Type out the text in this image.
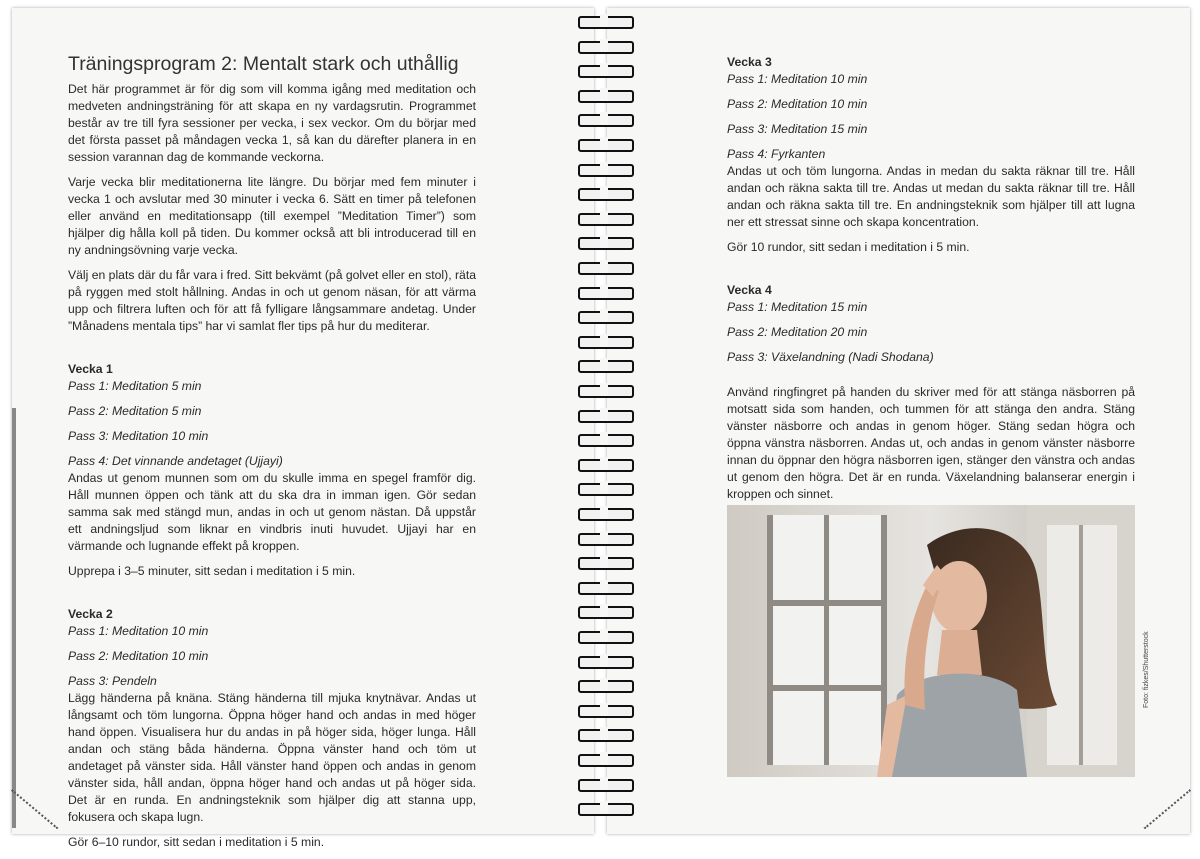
Träningsprogram 2: Mentalt stark och uthållig

Det här programmet är för dig som vill komma igång med meditation och medveten andningsträning för att skapa en ny vardagsrutin. Programmet består av tre till fyra sessioner per vecka, i sex veckor. Om du börjar med det första passet på måndagen vecka 1, så kan du därefter planera in en session varannan dag de kommande veckorna.

Varje vecka blir meditationerna lite längre. Du börjar med fem minuter i vecka 1 och avslutar med 30 minuter i vecka 6. Sätt en timer på telefonen eller använd en meditationsapp (till exempel ”Meditation Timer”) som hjälper dig hålla koll på tiden. Du kommer också att bli introducerad till en ny andningsövning varje vecka.

Välj en plats där du får vara i fred. Sitt bekvämt (på golvet eller en stol), räta på ryggen med stolt hållning. Andas in och ut genom näsan, för att värma upp och filtrera luften och för att få fylligare långsammare andetag. Under ”Månadens mentala tips” har vi samlat fler tips på hur du mediterar.

Vecka 1
Pass 1: Meditation 5 min
Pass 2: Meditation 5 min
Pass 3: Meditation 10 min
Pass 4: Det vinnande andetaget (Ujjayi)

Andas ut genom munnen som om du skulle imma en spegel framför dig. Håll munnen öppen och tänk att du ska dra in imman igen. Gör sedan samma sak med stängd mun, andas in och ut genom nästan. Då uppstår ett andningsljud som liknar en vindbris inuti huvudet. Ujjayi har en värmande och lugnande effekt på kroppen.

Upprepa i 3–5 minuter, sitt sedan i meditation i 5 min.

Vecka 2
Pass 1: Meditation 10 min
Pass 2: Meditation 10 min
Pass 3: Pendeln

Lägg händerna på knäna. Stäng händerna till mjuka knytnävar. Andas ut långsamt och töm lungorna. Öppna höger hand och andas in med höger hand öppen. Visualisera hur du andas in på höger sida, höger lunga. Håll andan och stäng båda händerna. Öppna vänster hand och töm ut andetaget på vänster sida. Håll vänster hand öppen och andas in genom vänster sida, håll andan, öppna höger hand och andas ut på höger sida. Det är en runda. En andningsteknik som hjälper dig att stanna upp, fokusera och skapa lugn.

Gör 6–10 rundor, sitt sedan i meditation i 5 min.

Vecka 3
Pass 1: Meditation 10 min
Pass 2: Meditation 10 min
Pass 3: Meditation 15 min
Pass 4: Fyrkanten

Andas ut och töm lungorna. Andas in medan du sakta räknar till tre. Håll andan och räkna sakta till tre. Andas ut medan du sakta räknar till tre. Håll andan och räkna sakta till tre. En andningsteknik som hjälper till att lugna ner ett stressat sinne och skapa koncentration.

Gör 10 rundor, sitt sedan i meditation i 5 min.

Vecka 4
Pass 1: Meditation 15 min
Pass 2: Meditation 20 min
Pass 3: Växelandning (Nadi Shodana)

Använd ringfingret på handen du skriver med för att stänga näsborren på motsatt sida som handen, och tummen för att stänga den andra. Stäng vänster näsborre och andas in genom höger. Stäng sedan högra och öppna vänstra näsborren. Andas ut, och andas in genom vänster näsborre innan du öppnar den högra näsborren igen, stänger den vänstra och andas ut genom den högra. Det är en runda. Växelandning balanserar energin i kroppen och sinnet.

Foto: fizkes/Shutterstock
